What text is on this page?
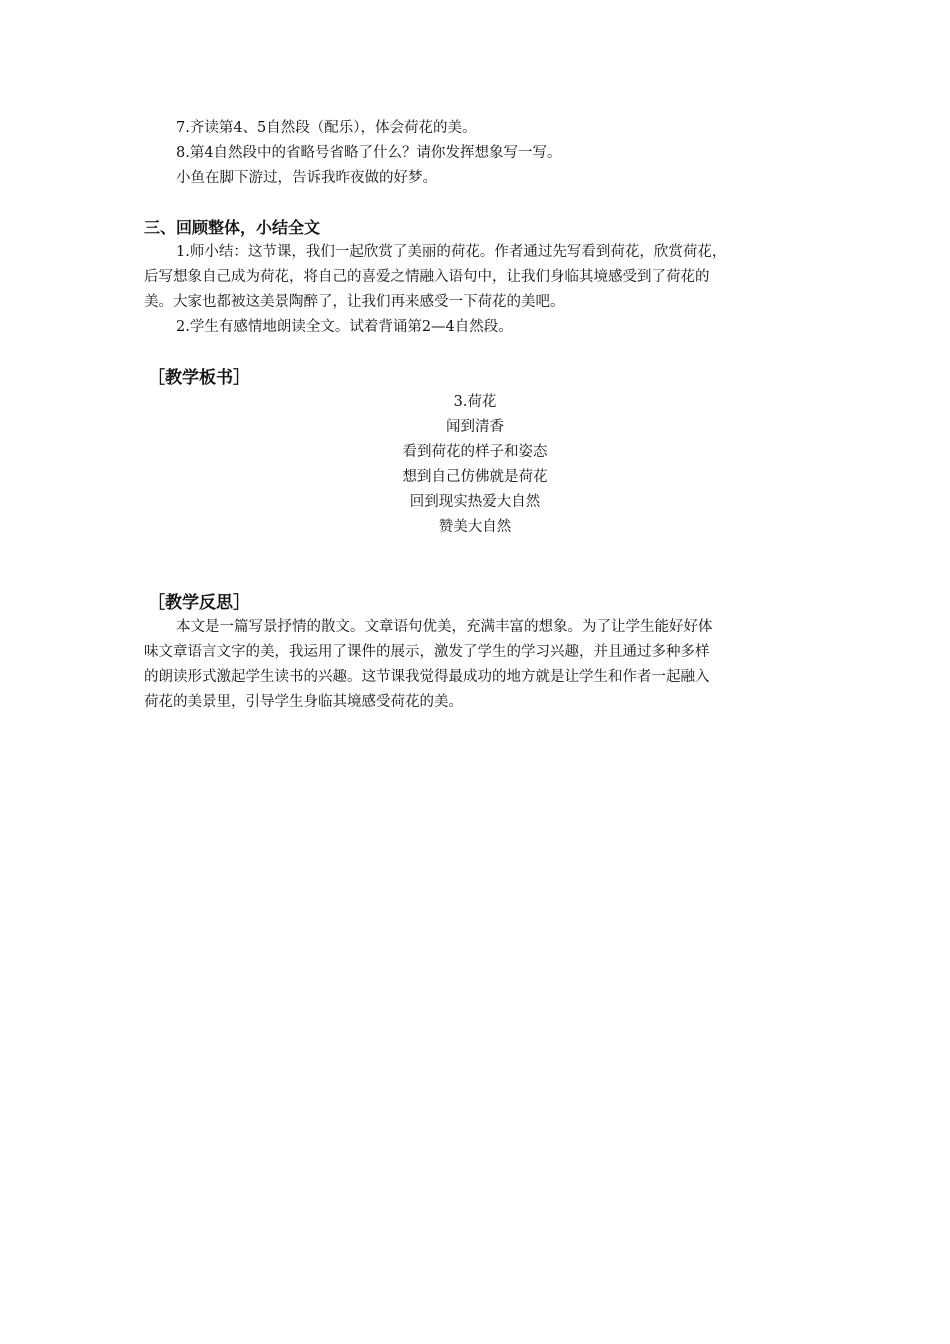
7.齐读第4、5自然段（配乐），体会荷花的美。
8.第4自然段中的省略号省略了什么？请你发挥想象写一写。
小鱼在脚下游过，告诉我昨夜做的好梦。
三、回顾整体，小结全文
1.师小结：这节课，我们一起欣赏了美丽的荷花。作者通过先写看到荷花，欣赏荷花，
后写想象自己成为荷花，将自己的喜爱之情融入语句中，让我们身临其境感受到了荷花的
美。大家也都被这美景陶醉了，让我们再来感受一下荷花的美吧。
2.学生有感情地朗读全文。试着背诵第2—4自然段。
［教学板书］
3.荷花
闻到清香
看到荷花的样子和姿态
想到自己仿佛就是荷花
回到现实热爱大自然
赞美大自然
［教学反思］
本文是一篇写景抒情的散文。文章语句优美，充满丰富的想象。为了让学生能好好体
味文章语言文字的美，我运用了课件的展示，激发了学生的学习兴趣，并且通过多种多样
的朗读形式激起学生读书的兴趣。这节课我觉得最成功的地方就是让学生和作者一起融入
荷花的美景里，引导学生身临其境感受荷花的美。
